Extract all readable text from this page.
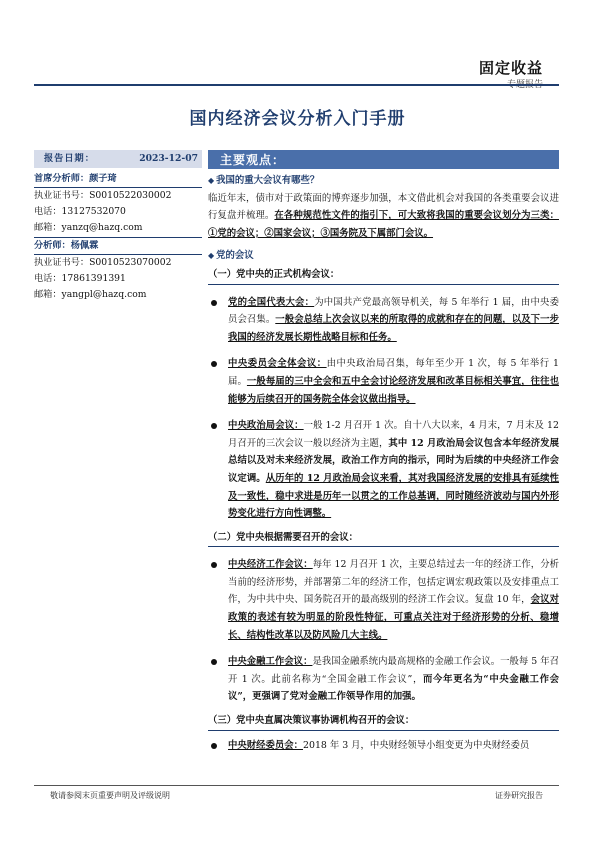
固定收益
国内经济会议分析入门手册
报告日期：	2023-12-07
首席分析师：颜子琦
执业证书号：S0010522030002
电话：13127532070
邮箱：yanzq@hazq.com
分析师：杨佩霖
执业证书号：S0010523070002
电话：17861391391
邮箱：yangpl@hazq.com
主要观点：
◆ 我国的重大会议有哪些？
临近年末，债市对于政策面的博弈逐步加强，本文借此机会对我国的各类重要会议进行复盘并梳理。在各种规范性文件的指引下，可大致将我国的重要会议划分为三类：①党的会议；②国家会议；③国务院及下属部门会议。
◆ 党的会议
（一）党中央的正式机构会议：
党的全国代表大会：为中国共产党最高领导机关，每 5 年举行 1 届，由中央委员会召集。一般会总结上次会议以来的所取得的成就和存在的问题，以及下一步我国的经济发展长期性战略目标和任务。
中央委员会全体会议：由中央政治局召集，每年至少开 1 次，每 5 年举行 1 届。一般每届的三中全会和五中全会讨论经济发展和改革目标相关事宜，往往也能够为后续召开的国务院全体会议做出指导。
中央政治局会议：一般 1-2 月召开 1 次。自十八大以来，4 月末，7 月末及 12 月召开的三次会议一般以经济为主题，其中 12 月政治局会议包含本年经济发展总结以及对未来经济发展，政治工作方向的指示，同时为后续的中央经济工作会议定调。从历年的 12 月政治局会议来看，其对我国经济发展的安排具有延续性及一致性，稳中求进是历年一以贯之的工作总基调，同时随经济波动与国内外形势变化进行方向性调整。
（二）党中央根据需要召开的会议：
中央经济工作会议：每年 12 月召开 1 次，主要总结过去一年的经济工作，分析当前的经济形势，并部署第二年的经济工作，包括定调宏观政策以及安排重点工作，为中共中央、国务院召开的最高级别的经济工作会议。复盘 10 年，会议对政策的表述有较为明显的阶段性特征，可重点关注对于经济形势的分析、稳增长、结构性改革以及防风险几大主线。
中央金融工作会议：是我国金融系统内最高规格的金融工作会议。一般每 5 年召开 1 次。此前名称为“全国金融工作会议”，而今年更名为“中央金融工作会议”，更强调了党对金融工作领导作用的加强。
（三）党中央直属决策议事协调机构召开的会议：
中央财经委员会：2018 年 3 月，中央财经领导小组变更为中央财经委员
敬请参阅末页重要声明及评级说明	证券研究报告
